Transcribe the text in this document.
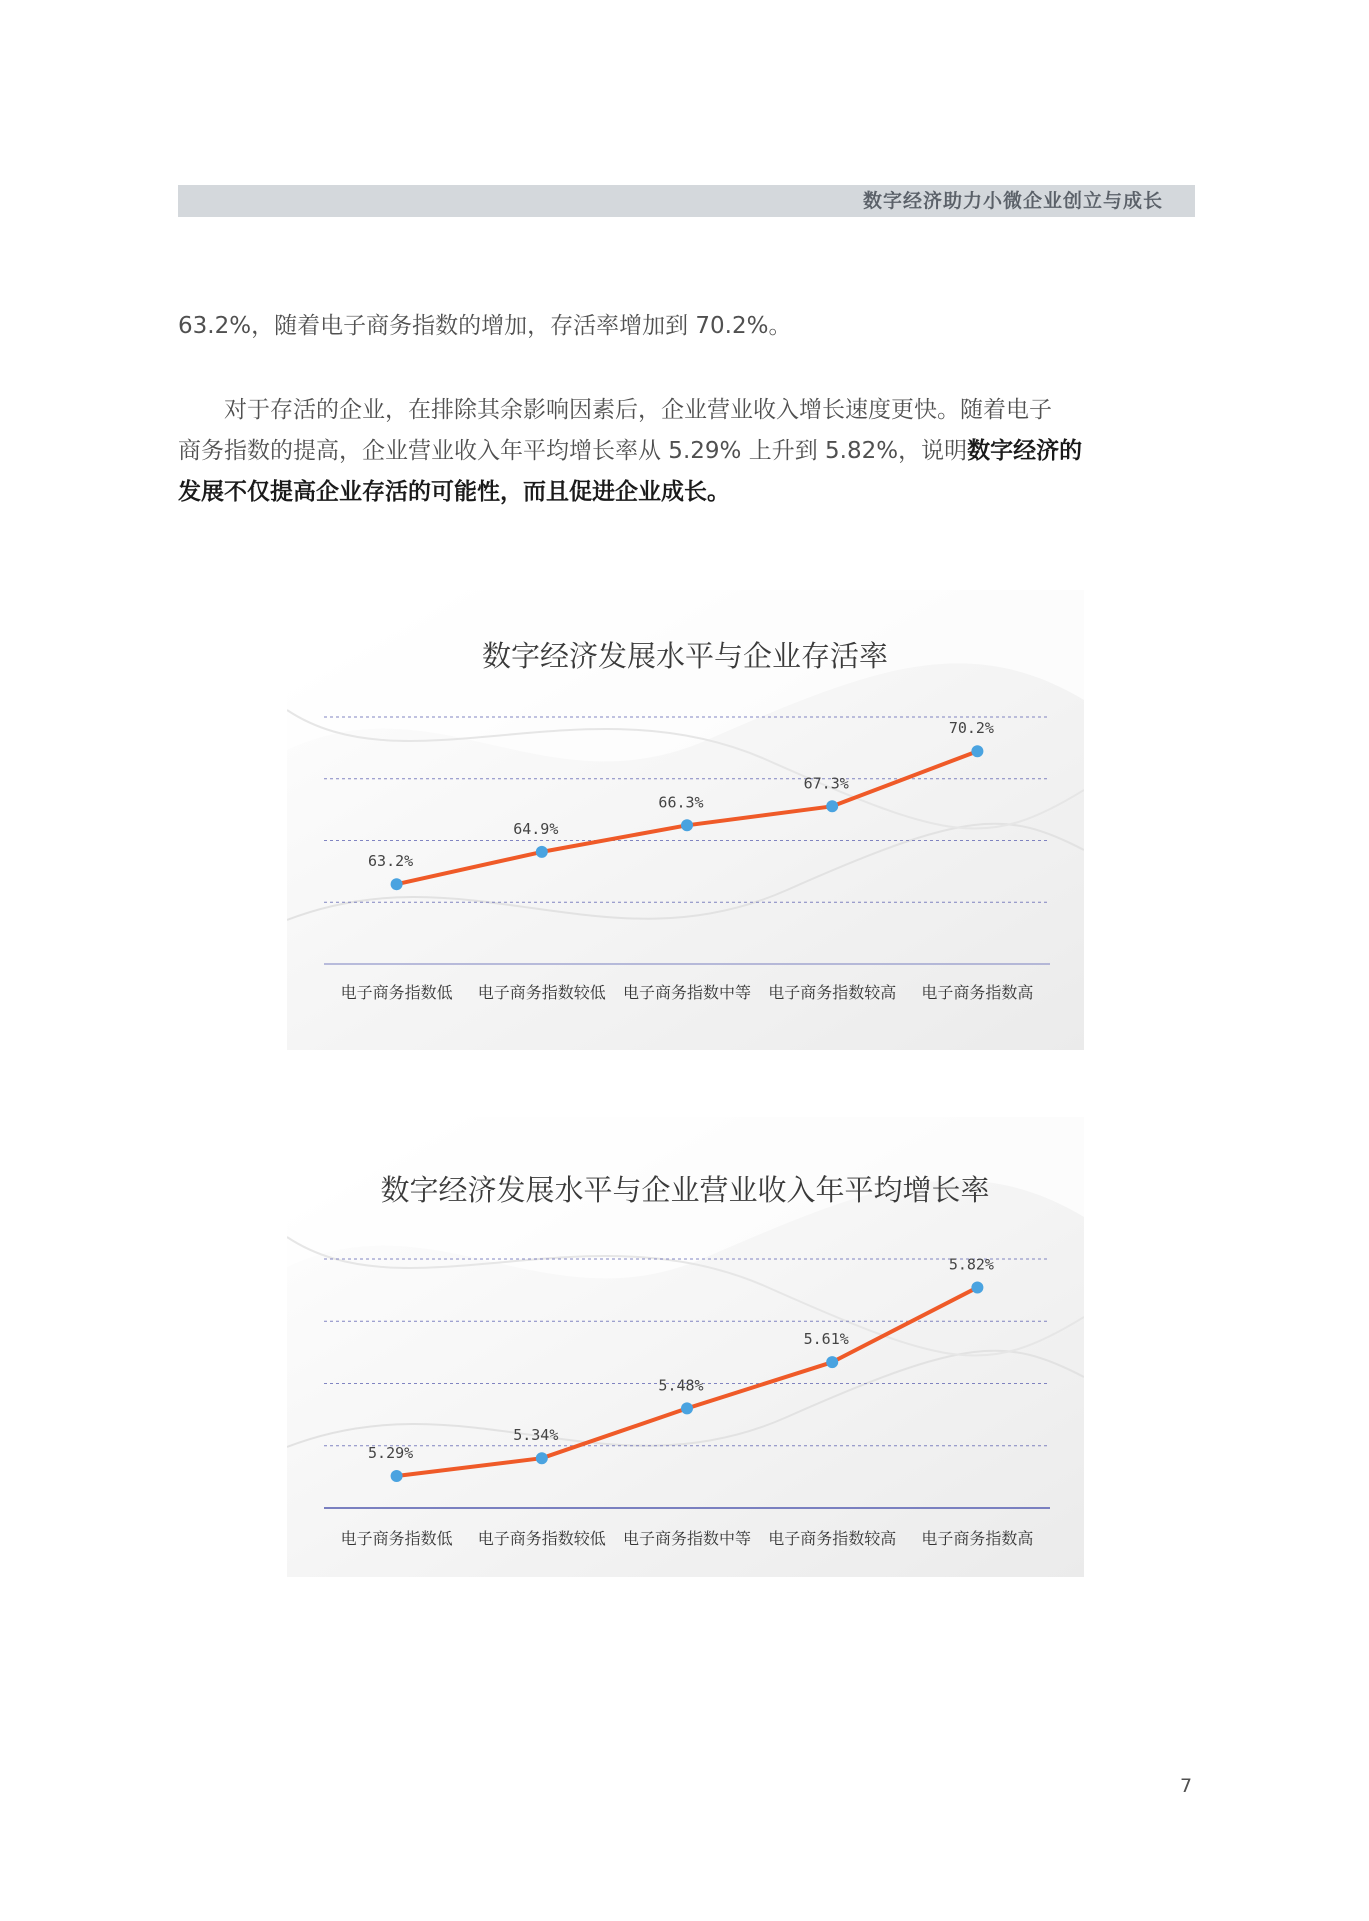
数字经济助力小微企业创立与成长

63.2%，随着电子商务指数的增加，存活率增加到 70.2%。

对于存活的企业，在排除其余影响因素后，企业营业收入增长速度更快。随着电子
商务指数的提高，企业营业收入年平均增长率从 5.29% 上升到 5.82%，说明数字经济的
发展不仅提高企业存活的可能性，而且促进企业成长。
数字经济发展水平与企业存活率
63.2%
电子商务指数低
64.9%
电子商务指数较低
66.3%
电子商务指数中等
67.3%
电子商务指数较高
70.2%
电子商务指数高
数字经济发展水平与企业营业收入年平均增长率
5.29%
电子商务指数低
5.34%
电子商务指数较低
5.48%
电子商务指数中等
5.61%
电子商务指数较高
5.82%
电子商务指数高
7
